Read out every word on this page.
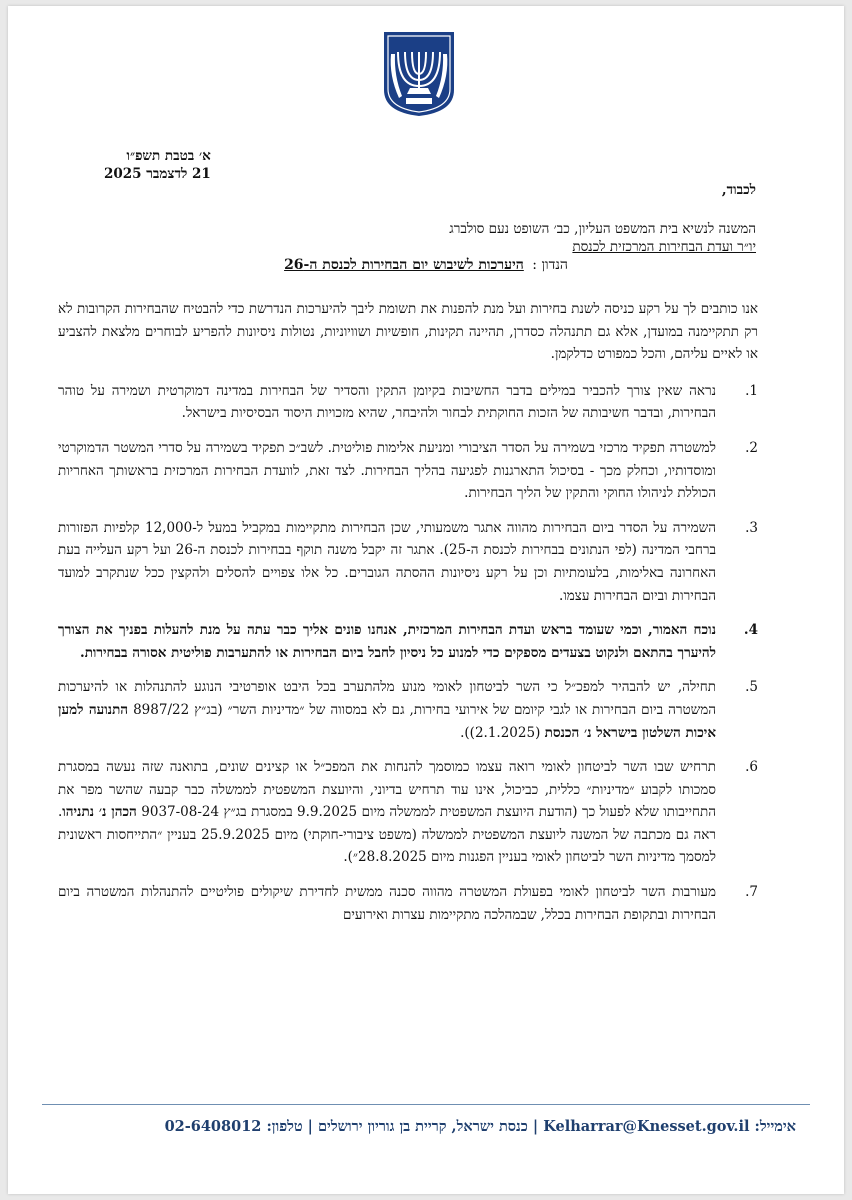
א׳ בטבת תשפ״ו
21 לדצמבר 2025
לכבוד,
המשנה לנשיא בית המשפט העליון, כב׳ השופט נעם סולברג
יו״ר ועדת הבחירות המרכזית לכנסת
הנדון : היערכות לשיבוש יום הבחירות לכנסת ה-26

אנו כותבים לך על רקע כניסה לשנת בחירות ועל מנת להפנות את תשומת ליבך להיערכות הנדרשת כדי להבטיח שהבחירות הקרובות לא רק תתקיימנה במועדן, אלא גם תתנהלה כסדרן, תהיינה תקינות, חופשיות ושוויוניות, נטולות ניסיונות להפריע לבוחרים מלצאת להצביע או לאיים עליהם, והכל כמפורט כדלקמן.

1.
נראה שאין צורך להכביר במילים בדבר החשיבות בקיומן התקין והסדיר של הבחירות במדינה דמוקרטית ושמירה על טוהר הבחירות, ובדבר חשיבותה של הזכות החוקתית לבחור ולהיבחר, שהיא מזכויות היסוד הבסיסיות בישראל.
2.
למשטרה תפקיד מרכזי בשמירה על הסדר הציבורי ומניעת אלימות פוליטית. לשב״כ תפקיד בשמירה על סדרי המשטר הדמוקרטי ומוסדותיו, וכחלק מכך - בסיכול התארגנות לפגיעה בהליך הבחירות. לצד זאת, לוועדת הבחירות המרכזית בראשותך האחריות הכוללת לניהולו החוקי והתקין של הליך הבחירות.
3.
השמירה על הסדר ביום הבחירות מהווה אתגר משמעותי, שכן הבחירות מתקיימות במקביל במעל ל-12,000 קלפיות הפזורות ברחבי המדינה (לפי הנתונים בבחירות לכנסת ה-25). אתגר זה יקבל משנה תוקף בבחירות לכנסת ה-26 ועל רקע העלייה בעת האחרונה באלימות, בלעומתיות וכן על רקע ניסיונות ההסתה הגוברים. כל אלו צפויים להסלים ולהקצין ככל שנתקרב למועד הבחירות וביום הבחירות עצמו.
4.
נוכח האמור, וכמי שעומד בראש ועדת הבחירות המרכזית, אנחנו פונים אליך כבר עתה על מנת להעלות בפניך את הצורך להיערך בהתאם ולנקוט בצעדים מספקים כדי למנוע כל ניסיון לחבל ביום הבחירות או להתערבות פוליטית אסורה בבחירות.
5.
תחילה, יש להבהיר למפכ״ל כי השר לביטחון לאומי מנוע מלהתערב בכל היבט אופרטיבי הנוגע להתנהלות או להיערכות המשטרה ביום הבחירות או לגבי קיומם של אירועי בחירות, גם לא במסווה של ״מדיניות השר״ (בג״ץ 8987/22 התנועה למען איכות השלטון בישראל נ׳ הכנסת (2.1.2025)).
6.
תרחיש שבו השר לביטחון לאומי רואה עצמו כמוסמך להנחות את המפכ״ל או קצינים שונים, בתואנה שזה נעשה במסגרת סמכותו לקבוע ״מדיניות״ כללית, כביכול, אינו עוד תרחיש בדיוני, והיועצת המשפטית לממשלה כבר קבעה שהשר מפר את התחייבותו שלא לפעול כך (הודעת היועצת המשפטית לממשלה מיום 9.9.2025 במסגרת בג״ץ 9037-08-24 הכהן נ׳ נתניהו. ראה גם מכתבה של המשנה ליועצת המשפטית לממשלה (משפט ציבורי-חוקתי) מיום 25.9.2025 בעניין ״התייחסות ראשונית למסמך מדיניות השר לביטחון לאומי בעניין הפגנות מיום 28.8.2025״).
7.
מעורבות השר לביטחון לאומי בפעולת המשטרה מהווה סכנה ממשית לחדירת שיקולים פוליטיים להתנהלות המשטרה ביום הבחירות ובתקופת הבחירות בכלל, שבמהלכה מתקיימות עצרות ואירועים
אימייל: Kelharrar@Knesset.gov.il | כנסת ישראל, קריית בן גוריון ירושלים | טלפון: 02-6408012
